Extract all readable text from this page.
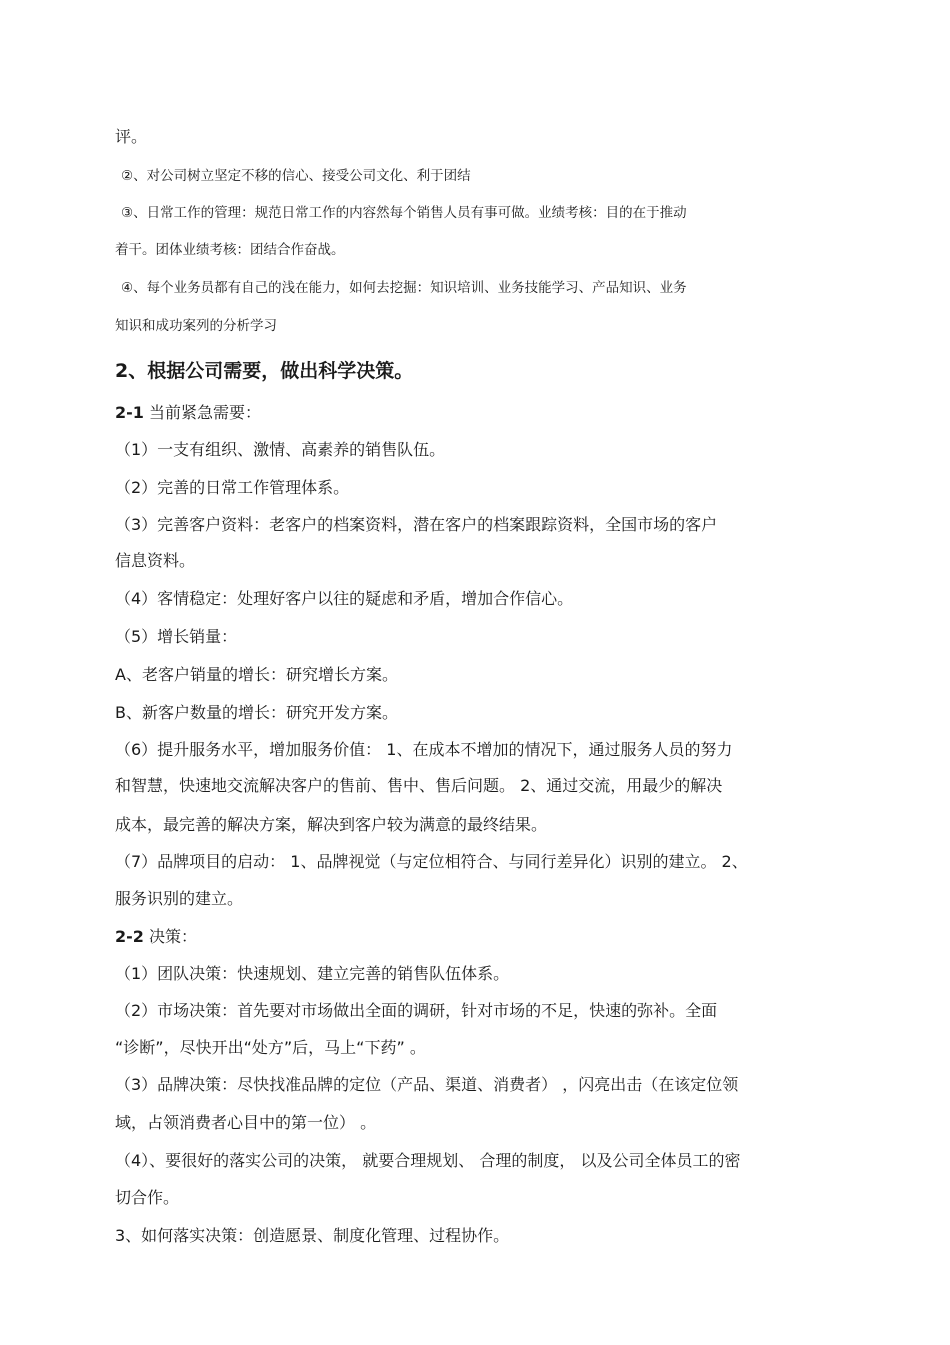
评。

②、对公司树立坚定不移的信心、接受公司文化、利于团结

③、日常工作的管理：规范日常工作的内容然每个销售人员有事可做。业绩考核：目的在于推动

着干。团体业绩考核：团结合作奋战。

④、每个业务员都有自己的浅在能力，如何去挖掘：知识培训、业务技能学习、产品知识、业务

知识和成功案列的分析学习

2、根据公司需要，做出科学决策。

2-1 当前紧急需要：

（1）一支有组织、激情、高素养的销售队伍。

（2）完善的日常工作管理体系。

（3）完善客户资料：老客户的档案资料，潜在客户的档案跟踪资料，全国市场的客户

信息资料。

（4）客情稳定：处理好客户以往的疑虑和矛盾，增加合作信心。

（5）增长销量：

A、老客户销量的增长：研究增长方案。

B、新客户数量的增长：研究开发方案。

（6）提升服务水平，增加服务价值： 1、在成本不增加的情况下，通过服务人员的努力

和智慧，快速地交流解决客户的售前、售中、售后问题。 2、通过交流，用最少的解决

成本，最完善的解决方案，解决到客户较为满意的最终结果。

（7）品牌项目的启动： 1、品牌视觉（与定位相符合、与同行差异化）识别的建立。 2、

服务识别的建立。

2-2 决策：

（1）团队决策：快速规划、建立完善的销售队伍体系。

（2）市场决策：首先要对市场做出全面的调研，针对市场的不足，快速的弥补。全面

“诊断”，尽快开出“处方”后，马上“下药” 。

（3）品牌决策：尽快找准品牌的定位（产品、渠道、消费者） ，闪亮出击（在该定位领

域，占领消费者心目中的第一位） 。

（4）、要很好的落实公司的决策， 就要合理规划、 合理的制度， 以及公司全体员工的密

切合作。

3、如何落实决策：创造愿景、制度化管理、过程协作。
